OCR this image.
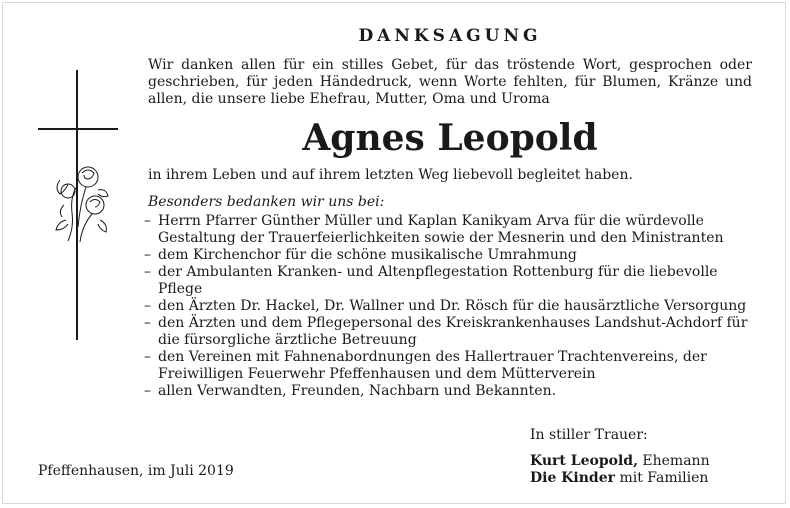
DANKSAGUNG
Wir danken allen für ein stilles Gebet, für das tröstende Wort, gesprochen oder geschrieben, für jeden Händedruck, wenn Worte fehlten, für Blumen, Kränze und allen, die unsere liebe Ehefrau, Mutter, Oma und Uroma
Agnes Leopold
in ihrem Leben und auf ihrem letzten Weg liebevoll begleitet haben.
Besonders bedanken wir uns bei:
– Herrn Pfarrer Günther Müller und Kaplan Kanikyam Arva für die würdevolle Gestaltung der Trauerfeierlichkeiten sowie der Mesnerin und den Ministranten
– dem Kirchenchor für die schöne musikalische Umrahmung
– der Ambulanten Kranken- und Altenpflegestation Rottenburg für die liebevolle Pflege
– den Ärzten Dr. Hackel, Dr. Wallner und Dr. Rösch für die hausärztliche Versorgung
– den Ärzten und dem Pflegepersonal des Kreiskrankenhauses Landshut-Achdorf für die fürsorgliche ärztliche Betreuung
– den Vereinen mit Fahnenabordnungen des Hallertrauer Trachtenvereins, der Freiwilligen Feuerwehr Pfeffenhausen und dem Mütterverein
– allen Verwandten, Freunden, Nachbarn und Bekannten.
Pfeffenhausen, im Juli 2019
In stiller Trauer:
Kurt Leopold, Ehemann
Die Kinder mit Familien
